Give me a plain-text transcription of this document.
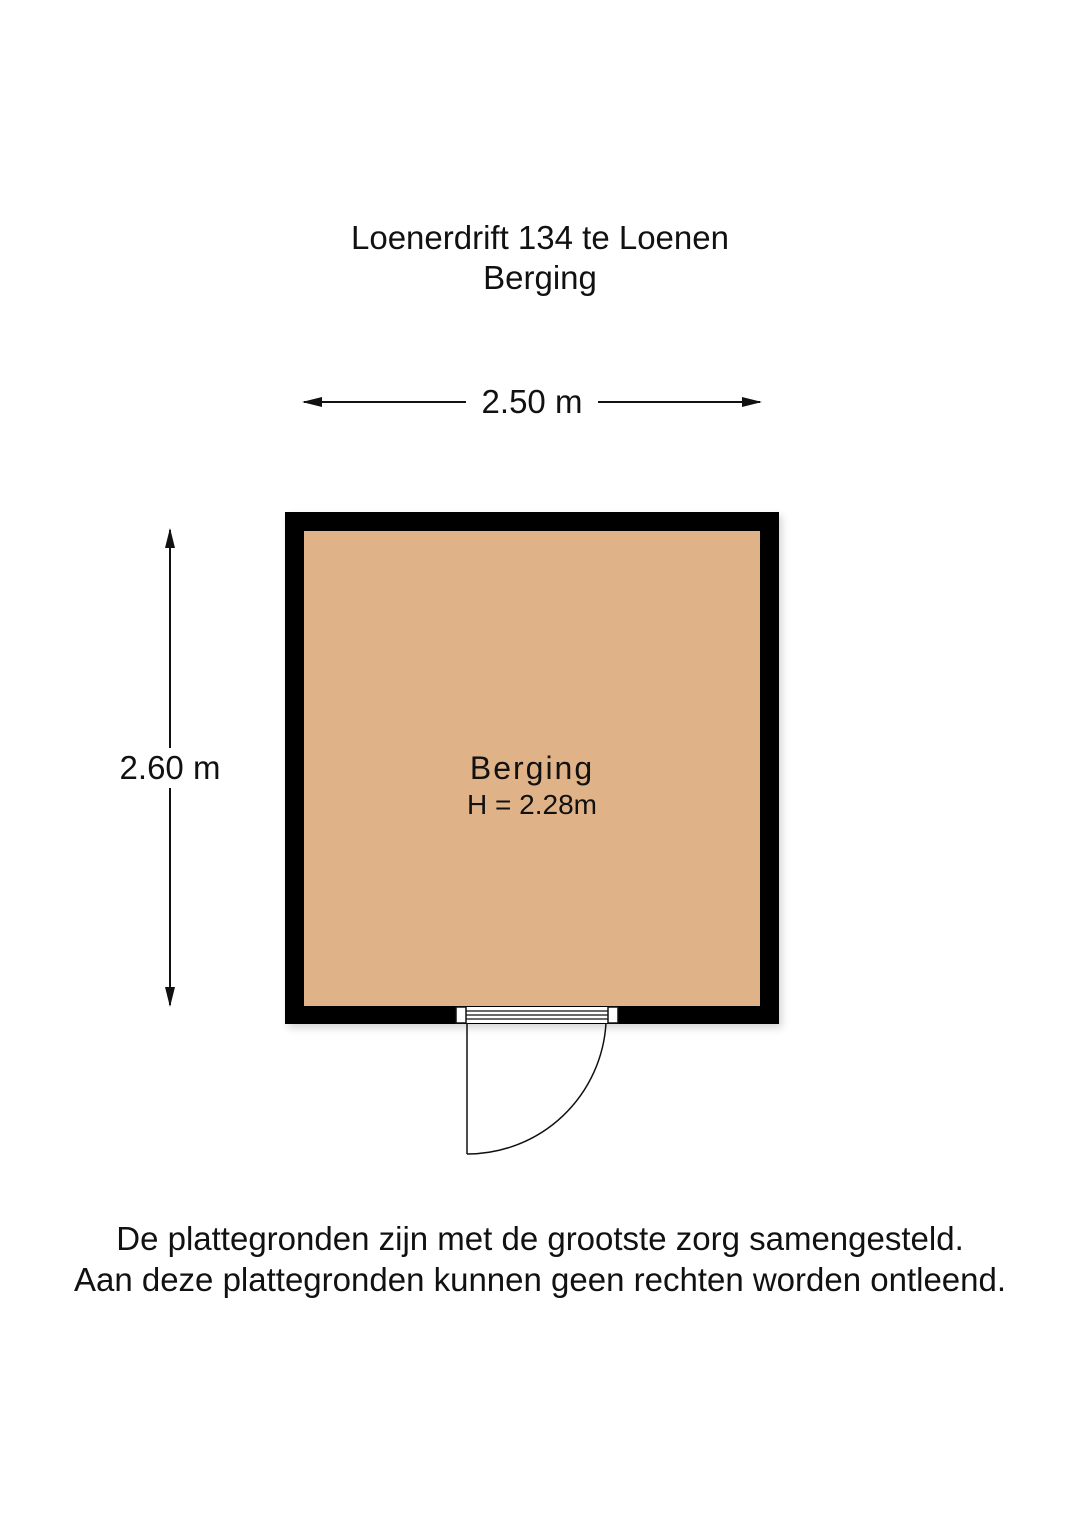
Loenerdrift 134 te Loenen
Berging
2.50 m
2.60 m	Berging
H = 2.28m
De plattegronden zijn met de grootste zorg samengesteld.
Aan deze plattegronden kunnen geen rechten worden ontleend.
